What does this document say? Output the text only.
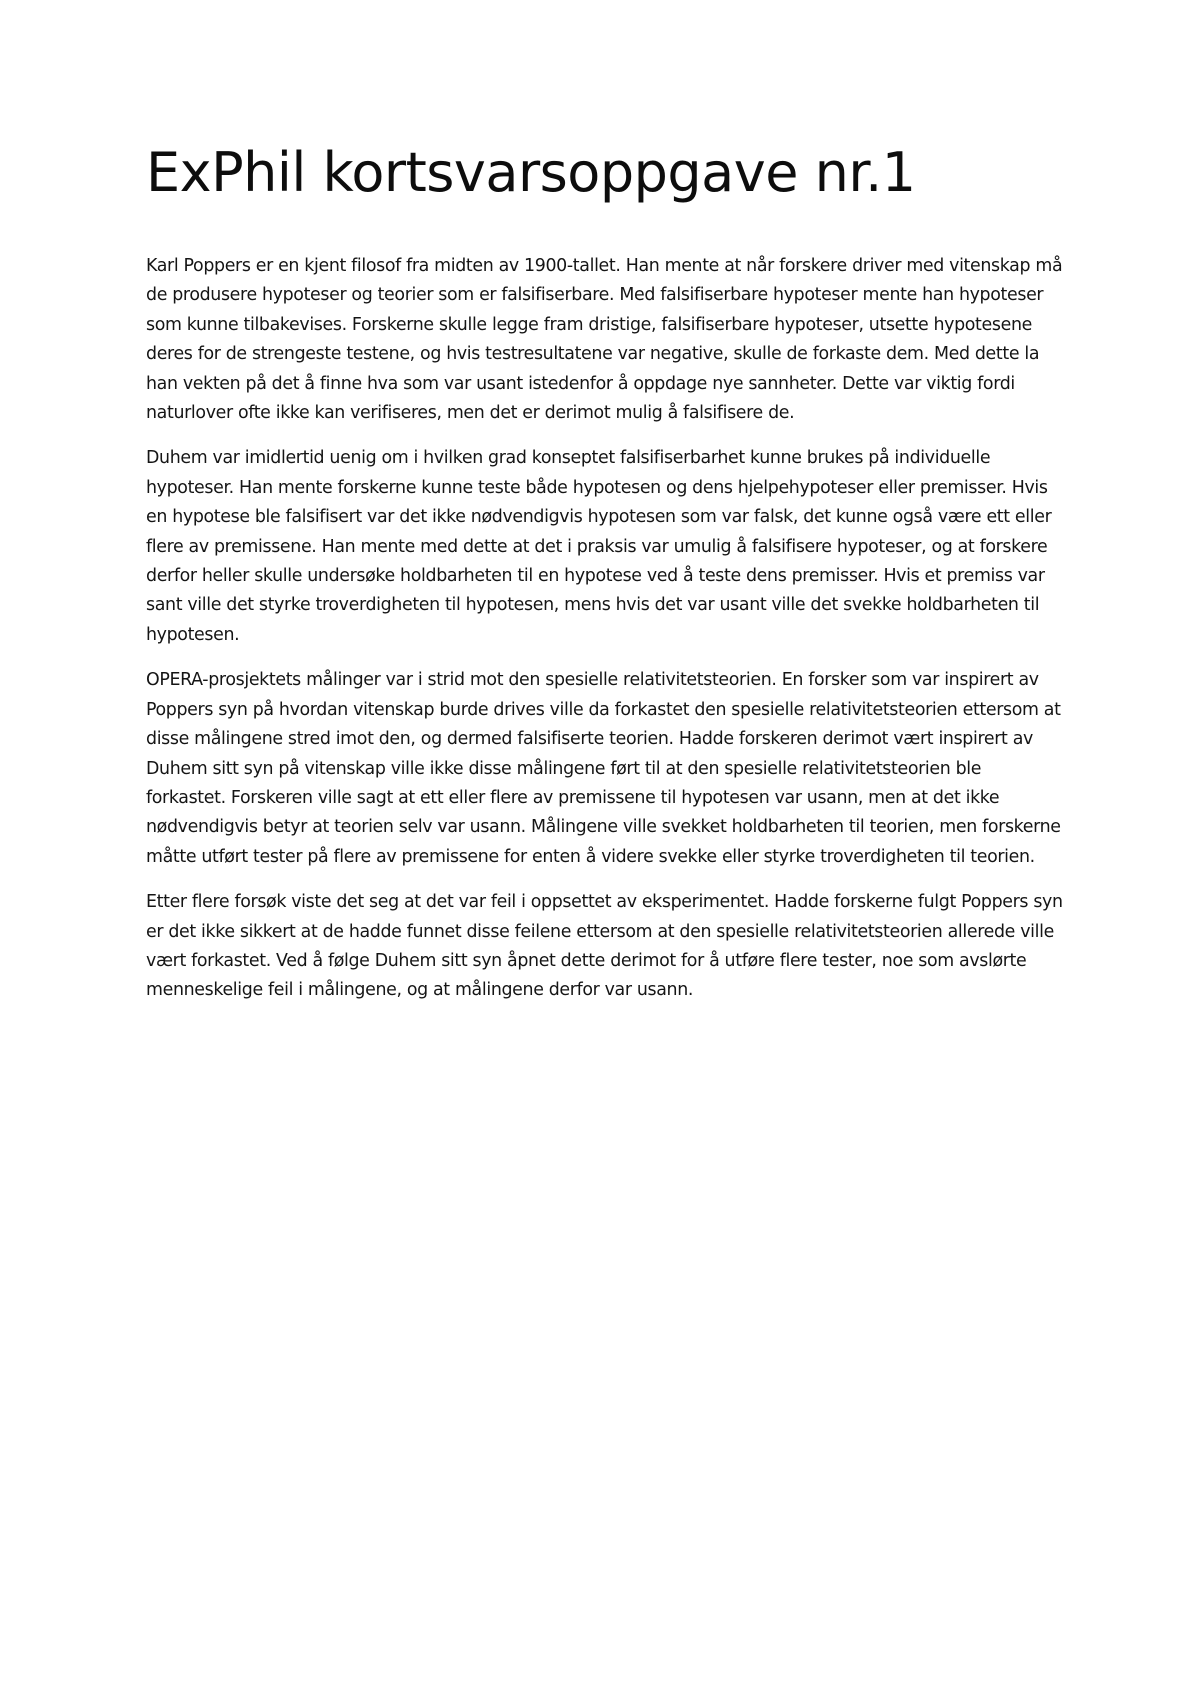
ExPhil kortsvarsoppgave nr.1

Karl Poppers er en kjent filosof fra midten av 1900-tallet. Han mente at når forskere driver med vitenskap må de produsere hypoteser og teorier som er falsifiserbare. Med falsifiserbare hypoteser mente han hypoteser som kunne tilbakevises. Forskerne skulle legge fram dristige, falsifiserbare hypoteser, utsette hypotesene deres for de strengeste testene, og hvis testresultatene var negative, skulle de forkaste dem. Med dette la han vekten på det å finne hva som var usant istedenfor å oppdage nye sannheter. Dette var viktig fordi naturlover ofte ikke kan verifiseres, men det er derimot mulig å falsifisere de.

Duhem var imidlertid uenig om i hvilken grad konseptet falsifiserbarhet kunne brukes på individuelle hypoteser. Han mente forskerne kunne teste både hypotesen og dens hjelpehypoteser eller premisser. Hvis en hypotese ble falsifisert var det ikke nødvendigvis hypotesen som var falsk, det kunne også være ett eller flere av premissene. Han mente med dette at det i praksis var umulig å falsifisere hypoteser, og at forskere derfor heller skulle undersøke holdbarheten til en hypotese ved å teste dens premisser. Hvis et premiss var sant ville det styrke troverdigheten til hypotesen, mens hvis det var usant ville det svekke holdbarheten til hypotesen.

OPERA-prosjektets målinger var i strid mot den spesielle relativitetsteorien. En forsker som var inspirert av Poppers syn på hvordan vitenskap burde drives ville da forkastet den spesielle relativitetsteorien ettersom at disse målingene stred imot den, og dermed falsifiserte teorien. Hadde forskeren derimot vært inspirert av Duhem sitt syn på vitenskap ville ikke disse målingene ført til at den spesielle relativitetsteorien ble forkastet. Forskeren ville sagt at ett eller flere av premissene til hypotesen var usann, men at det ikke nødvendigvis betyr at teorien selv var usann. Målingene ville svekket holdbarheten til teorien, men forskerne måtte utført tester på flere av premissene for enten å videre svekke eller styrke troverdigheten til teorien.

Etter flere forsøk viste det seg at det var feil i oppsettet av eksperimentet. Hadde forskerne fulgt Poppers syn er det ikke sikkert at de hadde funnet disse feilene ettersom at den spesielle relativitetsteorien allerede ville vært forkastet. Ved å følge Duhem sitt syn åpnet dette derimot for å utføre flere tester, noe som avslørte menneskelige feil i målingene, og at målingene derfor var usann.
